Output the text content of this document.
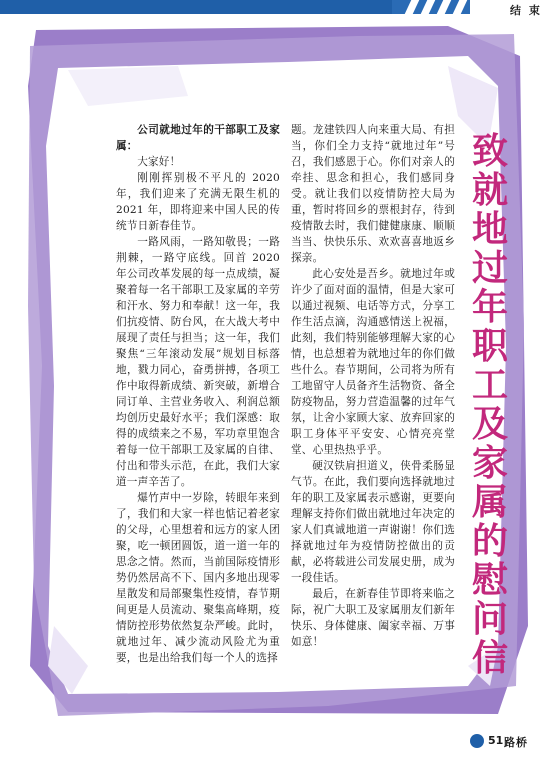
结 束

公司就地过年的干部职工及家属：

大家好！

刚刚挥别极不平凡的 2020 年，我们迎来了充满无限生机的 2021 年，即将迎来中国人民的传统节日新春佳节。

一路风雨，一路知敬畏；一路荆棘，一路守底线。回首 2020 年公司改革发展的每一点成绩，凝聚着每一名干部职工及家属的辛劳和汗水、努力和奉献！这一年，我们抗疫情、防台风，在大战大考中展现了责任与担当；这一年，我们聚焦“三年滚动发展”规划目标落地，戮力同心，奋勇拼搏，各项工作中取得新成绩、新突破，新增合同订单、主营业务收入、利润总额均创历史最好水平；我们深感：取得的成绩来之不易，军功章里饱含着每一位干部职工及家属的自律、付出和带头示范，在此，我们大家道一声辛苦了。

爆竹声中一岁除，转眼年来到了，我们和大家一样也惦记着老家的父母，心里想着和远方的家人团聚，吃一顿团圆饭，道一道一年的思念之情。然而，当前国际疫情形势仍然居高不下、国内多地出现零星散发和局部聚集性疫情，春节期间更是人员流动、聚集高峰期，疫情防控形势依然复杂严峻。此时，就地过年、减少流动风险尤为重要，也是出给我们每一个人的选择

题。龙建铁四人向来重大局、有担当，你们全力支持“就地过年”号召，我们感恩于心。你们对亲人的牵挂、思念和担心，我们感同身受。就让我们以疫情防控大局为重，暂时将回乡的票根封存，待到疫情散去时，我们健健康康、顺顺当当、快快乐乐、欢欢喜喜地返乡探亲。

此心安处是吾乡。就地过年或许少了面对面的温情，但是大家可以通过视频、电话等方式，分享工作生活点滴，沟通感情送上祝福，此刻，我们特别能够理解大家的心情，也总想着为就地过年的你们做些什么。春节期间，公司将为所有工地留守人员备齐生活物资、备全防疫物品，努力营造温馨的过年气氛，让舍小家顾大家、放弃回家的职工身体平平安安、心情亮亮堂堂、心里热热乎乎。

硬汉铁肩担道义，侠骨柔肠显气节。在此，我们要向选择就地过年的职工及家属表示感谢，更要向理解支持你们做出就地过年决定的家人们真诚地道一声谢谢！你们选择就地过年为疫情防控做出的贡献，必将载进公司发展史册，成为一段佳话。

最后，在新春佳节即将来临之际，祝广大职工及家属朋友们新年快乐、身体健康、阖家幸福、万事如意！

致就地过年职工及家属的慰问信
51 路桥
